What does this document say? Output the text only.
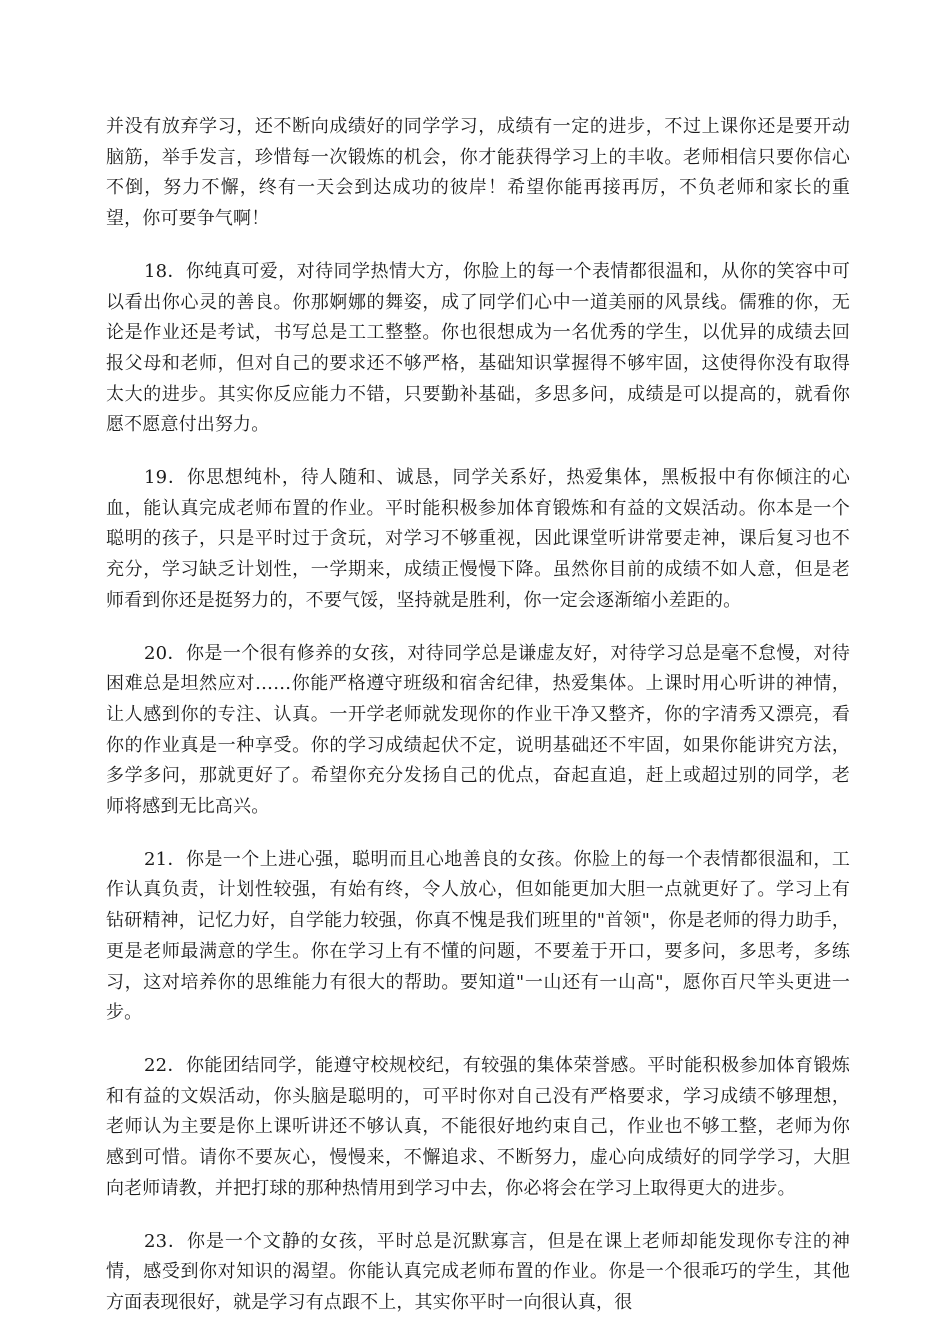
并没有放弃学习，还不断向成绩好的同学学习，成绩有一定的进步，不过上课你还是要开动脑筋，举手发言，珍惜每一次锻炼的机会，你才能获得学习上的丰收。老师相信只要你信心不倒，努力不懈，终有一天会到达成功的彼岸！希望你能再接再厉，不负老师和家长的重望，你可要争气啊！

18．你纯真可爱，对待同学热情大方，你脸上的每一个表情都很温和，从你的笑容中可以看出你心灵的善良。你那婀娜的舞姿，成了同学们心中一道美丽的风景线。儒雅的你，无论是作业还是考试，书写总是工工整整。你也很想成为一名优秀的学生，以优异的成绩去回报父母和老师，但对自己的要求还不够严格，基础知识掌握得不够牢固，这使得你没有取得太大的进步。其实你反应能力不错，只要勤补基础，多思多问，成绩是可以提高的，就看你愿不愿意付出努力。

19．你思想纯朴，待人随和、诚恳，同学关系好，热爱集体，黑板报中有你倾注的心血，能认真完成老师布置的作业。平时能积极参加体育锻炼和有益的文娱活动。你本是一个聪明的孩子，只是平时过于贪玩，对学习不够重视，因此课堂听讲常要走神，课后复习也不充分，学习缺乏计划性，一学期来，成绩正慢慢下降。虽然你目前的成绩不如人意，但是老师看到你还是挺努力的，不要气馁，坚持就是胜利，你一定会逐渐缩小差距的。

20．你是一个很有修养的女孩，对待同学总是谦虚友好，对待学习总是毫不怠慢，对待困难总是坦然应对……你能严格遵守班级和宿舍纪律，热爱集体。上课时用心听讲的神情，让人感到你的专注、认真。一开学老师就发现你的作业干净又整齐，你的字清秀又漂亮，看你的作业真是一种享受。你的学习成绩起伏不定，说明基础还不牢固，如果你能讲究方法，多学多问，那就更好了。希望你充分发扬自己的优点，奋起直追，赶上或超过别的同学，老师将感到无比高兴。

21．你是一个上进心强，聪明而且心地善良的女孩。你脸上的每一个表情都很温和，工作认真负责，计划性较强，有始有终，令人放心，但如能更加大胆一点就更好了。学习上有钻研精神，记忆力好，自学能力较强，你真不愧是我们班里的"首领"，你是老师的得力助手，更是老师最满意的学生。你在学习上有不懂的问题，不要羞于开口，要多问，多思考，多练习，这对培养你的思维能力有很大的帮助。要知道"一山还有一山高"，愿你百尺竿头更进一步。

22．你能团结同学，能遵守校规校纪，有较强的集体荣誉感。平时能积极参加体育锻炼和有益的文娱活动，你头脑是聪明的，可平时你对自己没有严格要求，学习成绩不够理想，老师认为主要是你上课听讲还不够认真，不能很好地约束自己，作业也不够工整，老师为你感到可惜。请你不要灰心，慢慢来，不懈追求、不断努力，虚心向成绩好的同学学习，大胆向老师请教，并把打球的那种热情用到学习中去，你必将会在学习上取得更大的进步。

23．你是一个文静的女孩，平时总是沉默寡言，但是在课上老师却能发现你专注的神情，感受到你对知识的渴望。你能认真完成老师布置的作业。你是一个很乖巧的学生，其他方面表现很好，就是学习有点跟不上，其实你平时一向很认真，很
